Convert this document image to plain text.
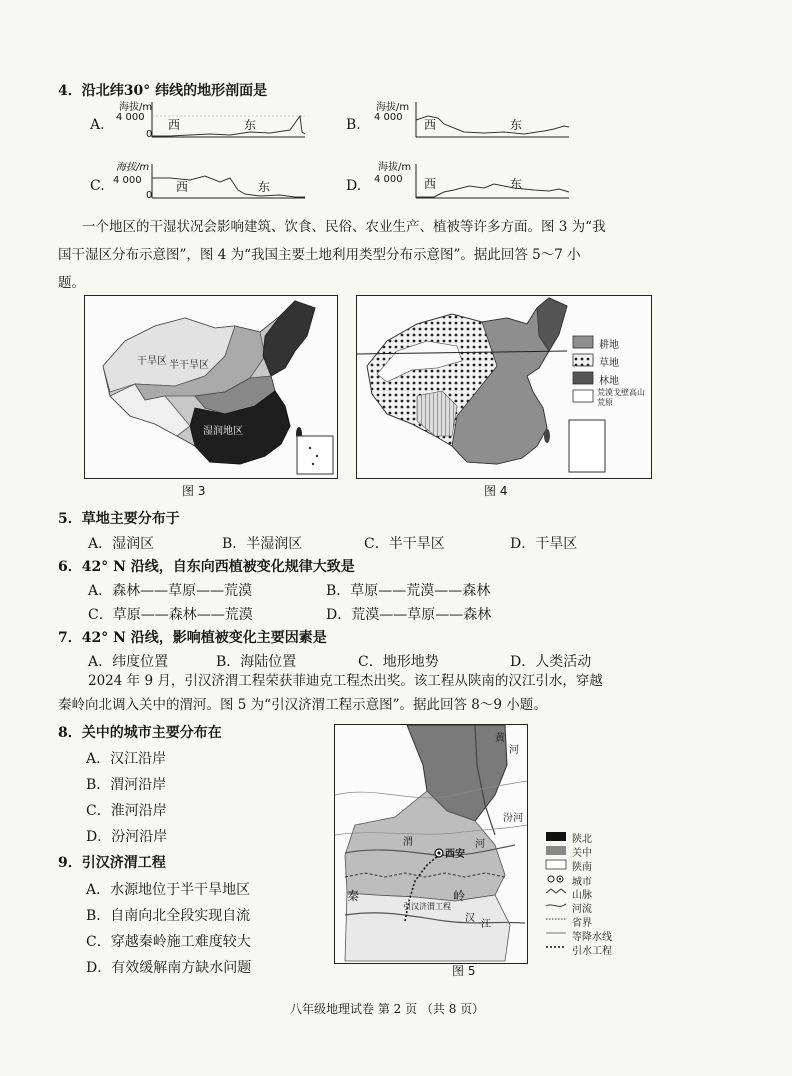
4．沿北纬30° 纬线的地形剖面是
A.
海拔/m
4 000
0
西	东	B.
海拔/m
4 000
西	东
C.
海拔/m
4 000
0
西	东	D.
海拔/m
4 000 西	东
一个地区的干湿状况会影响建筑、饮食、民俗、农业生产、植被等许多方面。图 3 为“我
国干湿区分布示意图”，图 4 为“我国主要土地利用类型分布示意图”。据此回答 5～7 小
题。
干旱区 半干旱区
湿润地区
图 3
耕地
草地
林地
荒漠戈壁高山荒原
图 4
5．草地主要分布于
A．湿润区	B．半湿润区	C．半干旱区	D．干旱区
6．42° N 沿线，自东向西植被变化规律大致是
A．森林——草原——荒漠	B．草原——荒漠——森林
C．草原——森林——荒漠	D．荒漠——草原——森林
7．42° N 沿线，影响植被变化主要因素是
A．纬度位置	B．海陆位置	C．地形地势	D．人类活动
2024 年 9 月，引汉济渭工程荣获菲迪克工程杰出奖。该工程从陕南的汉江引水，穿越
秦岭向北调入关中的渭河。图 5 为“引汉济渭工程示意图”。据此回答 8～9 小题。
8．关中的城市主要分布在
A．汉江沿岸
B．渭河沿岸
C．淮河沿岸
D．汾河沿岸
9．引汉济渭工程
A．水源地位于半干旱地区
B．自南向北全段实现自流
C．穿越秦岭施工难度较大
D．有效缓解南方缺水问题
西安
渭	河
秦	岭
汉
江
引汉济渭工程
黄
河
汾河
图 5
陕北
关中
陕南
城市
山脉
河流
省界
等降水线
引水工程
八年级地理试卷 第 2 页 （共 8 页）
